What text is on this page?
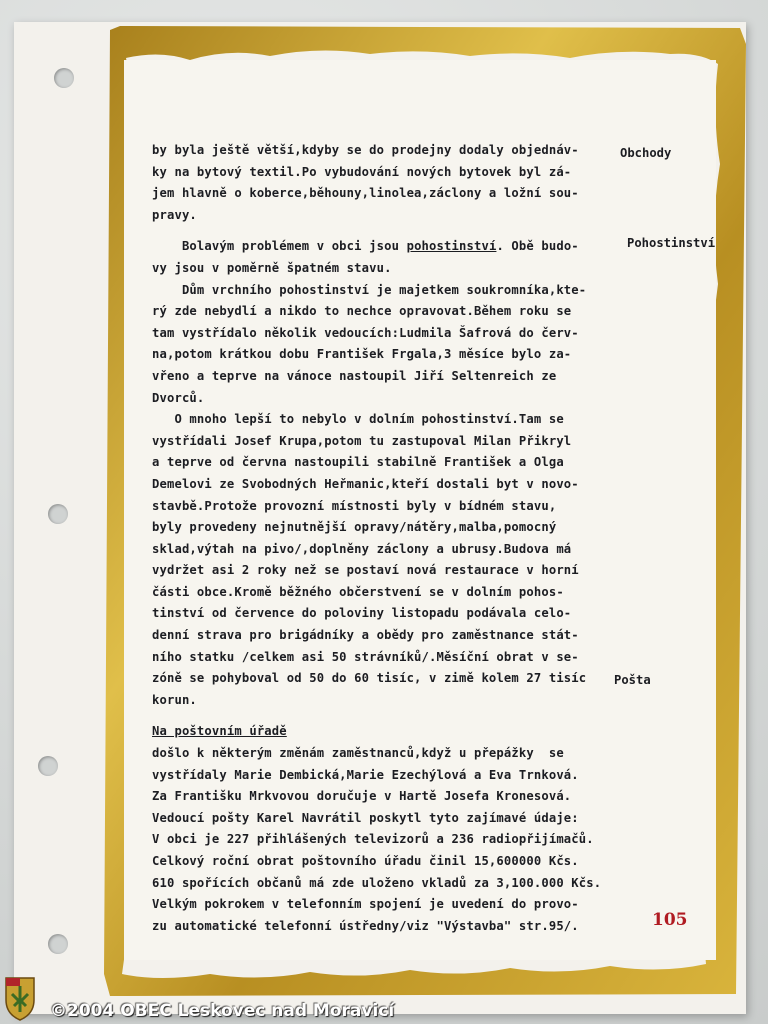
by byla ještě větší,kdyby se do prodejny dodaly objednáv-
ky na bytový textil.Po vybudování nových bytovek byl zá-
jem hlavně o koberce,běhouny,linolea,záclony a ložní sou-
pravy.
Bolavým problémem v obci jsou pohostinství. Obě budo-
vy jsou v poměrně špatném stavu.
Dům vrchního pohostinství je majetkem soukromníka,kte-
rý zde nebydlí a nikdo to nechce opravovat.Během roku se
tam vystřídalo několik vedoucích:Ludmila Šafrová do červ-
na,potom krátkou dobu František Frgala,3 měsíce bylo za-
vřeno a teprve na vánoce nastoupil Jiří Seltenreich ze
Dvorců.
O mnoho lepší to nebylo v dolním pohostinství.Tam se
vystřídali Josef Krupa,potom tu zastupoval Milan Přikryl
a teprve od června nastoupili stabilně František a Olga
Demelovi ze Svobodných Heřmanic,kteří dostali byt v novo-
stavbě.Protože provozní místnosti byly v bídném stavu,
byly provedeny nejnutnější opravy/nátěry,malba,pomocný
sklad,výtah na pivo/,doplněny záclony a ubrusy.Budova má
vydržet asi 2 roky než se postaví nová restaurace v horní
části obce.Kromě běžného občerstvení se v dolním pohos-
tinství od července do poloviny listopadu podávala celo-
denní strava pro brigádníky a obědy pro zaměstnance stát-
ního statku /celkem asi 50 strávníků/.Měsíční obrat v se-
zóně se pohyboval od 50 do 60 tisíc, v zimě kolem 27 tisíc
korun.
Na poštovním úřadě
došlo k některým změnám zaměstnanců,když u přepážky  se
vystřídaly Marie Dembická,Marie Ezechýlová a Eva Trnková.
Za Františku Mrkvovou doručuje v Hartě Josefa Kronesová.
Vedoucí pošty Karel Navrátil poskytl tyto zajímavé údaje:
V obci je 227 přihlášených televizorů a 236 radiopřijímačů.
Celkový roční obrat poštovního úřadu činil 15,600000 Kčs.
610 spořících občanů má zde uloženo vkladů za 3,100.000 Kčs.
Velkým pokrokem v telefonním spojení je uvedení do provo-
zu automatické telefonní ústředny/viz "Výstavba" str.95/.
Obchody
Pohostinství
Pošta
105
©2004 OBEC Leskovec nad Moravicí
